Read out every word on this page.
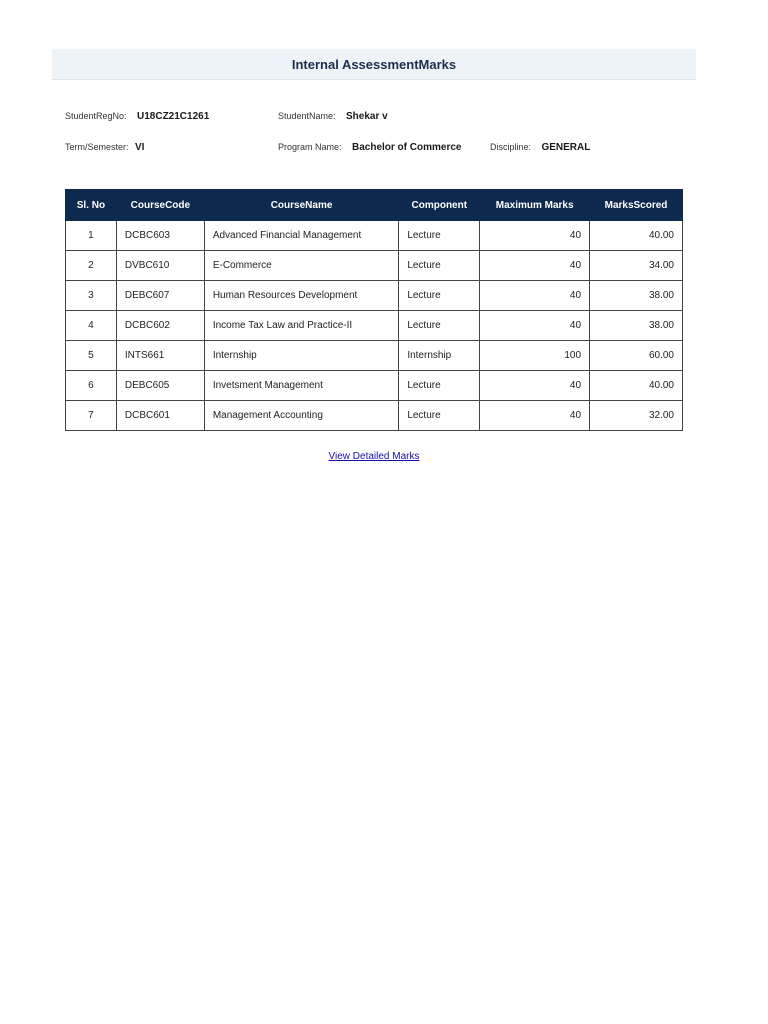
Internal AssessmentMarks
StudentRegNo: U18CZ21C1261	StudentName: Shekar v
Term/Semester: VI	Program Name: Bachelor of Commerce	Discipline: GENERAL
Sl. No	CourseCode	CourseName	Component	Maximum Marks	MarksScored
1	DCBC603	Advanced Financial Management	Lecture	40	40.00
2	DVBC610	E-Commerce	Lecture	40	34.00
3	DEBC607	Human Resources Development	Lecture	40	38.00
4	DCBC602	Income Tax Law and Practice-II	Lecture	40	38.00
5	INTS661	Internship	Internship	100	60.00
6	DEBC605	Invetsment Management	Lecture	40	40.00
7	DCBC601	Management Accounting	Lecture	40	32.00
View Detailed Marks
